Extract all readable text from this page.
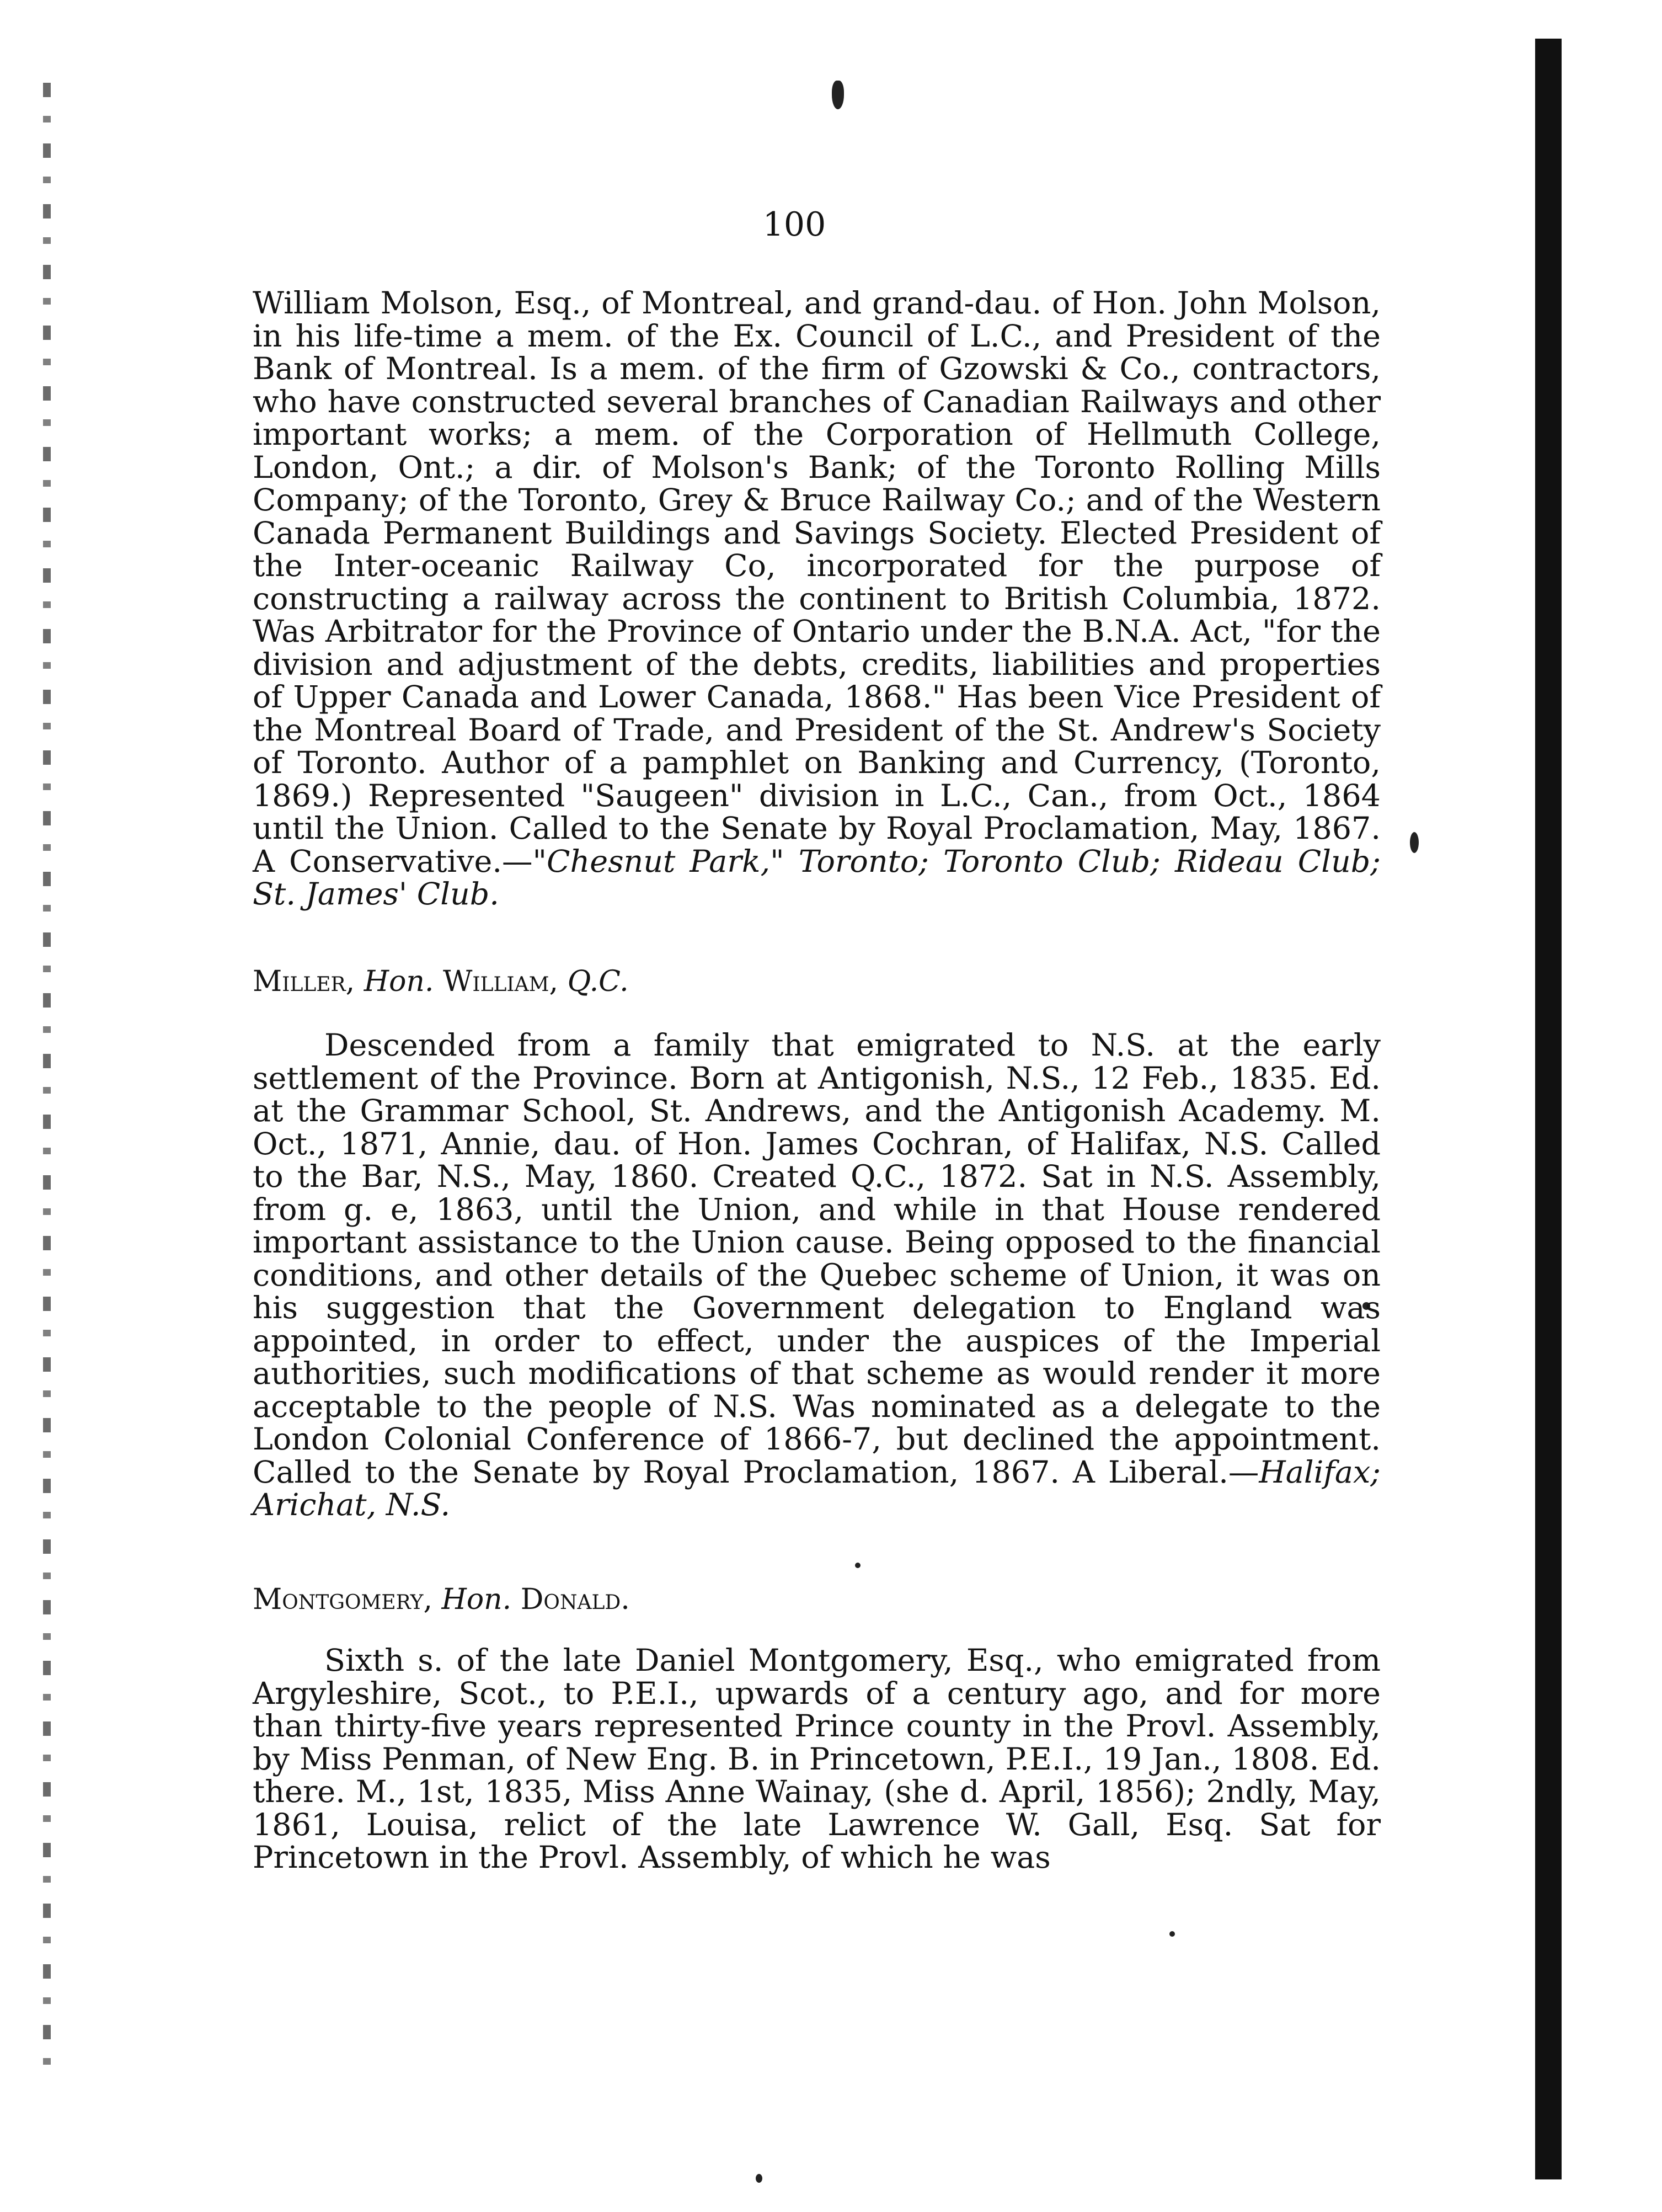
100

William Molson, Esq., of Montreal, and grand-dau. of Hon. John Molson, in his life-time a mem. of the Ex. Council of L.C., and President of the Bank of Montreal. Is a mem. of the firm of Gzowski & Co., contractors, who have constructed several branches of Canadian Railways and other important works; a mem. of the Corporation of Hellmuth College, London, Ont.; a dir. of Molson's Bank; of the Toronto Rolling Mills Company; of the Toronto, Grey & Bruce Railway Co.; and of the Western Canada Permanent Buildings and Savings Society. Elected President of the Inter-oceanic Railway Co, incorporated for the purpose of constructing a railway across the continent to British Columbia, 1872. Was Arbitrator for the Province of Ontario under the B.N.A. Act, "for the division and adjustment of the debts, credits, liabilities and properties of Upper Canada and Lower Canada, 1868." Has been Vice President of the Montreal Board of Trade, and President of the St. Andrew's Society of Toronto. Author of a pamphlet on Banking and Currency, (Toronto, 1869.) Represented "Saugeen" division in L.C., Can., from Oct., 1864 until the Union. Called to the Senate by Royal Proclamation, May, 1867. A Conservative.—"Chesnut Park," Toronto; Toronto Club; Rideau Club; St. James' Club.

Miller, Hon. William, Q.C.

Descended from a family that emigrated to N.S. at the early settlement of the Province. Born at Antigonish, N.S., 12 Feb., 1835. Ed. at the Grammar School, St. Andrews, and the Antigonish Academy. M. Oct., 1871, Annie, dau. of Hon. James Cochran, of Halifax, N.S. Called to the Bar, N.S., May, 1860. Created Q.C., 1872. Sat in N.S. Assembly, from g. e, 1863, until the Union, and while in that House rendered important assistance to the Union cause. Being opposed to the financial conditions, and other details of the Quebec scheme of Union, it was on his suggestion that the Government delegation to England was appointed, in order to effect, under the auspices of the Imperial authorities, such modifications of that scheme as would render it more acceptable to the people of N.S. Was nominated as a delegate to the London Colonial Conference of 1866-7, but declined the appointment. Called to the Senate by Royal Proclamation, 1867. A Liberal.—Halifax; Arichat, N.S.

Montgomery, Hon. Donald.

Sixth s. of the late Daniel Montgomery, Esq., who emigrated from Argyleshire, Scot., to P.E.I., upwards of a century ago, and for more than thirty-five years represented Prince county in the Provl. Assembly, by Miss Penman, of New Eng. B. in Princetown, P.E.I., 19 Jan., 1808. Ed. there. M., 1st, 1835, Miss Anne Wainay, (she d. April, 1856); 2ndly, May, 1861, Louisa, relict of the late Lawrence W. Gall, Esq. Sat for Princetown in the Provl. Assembly, of which he was
